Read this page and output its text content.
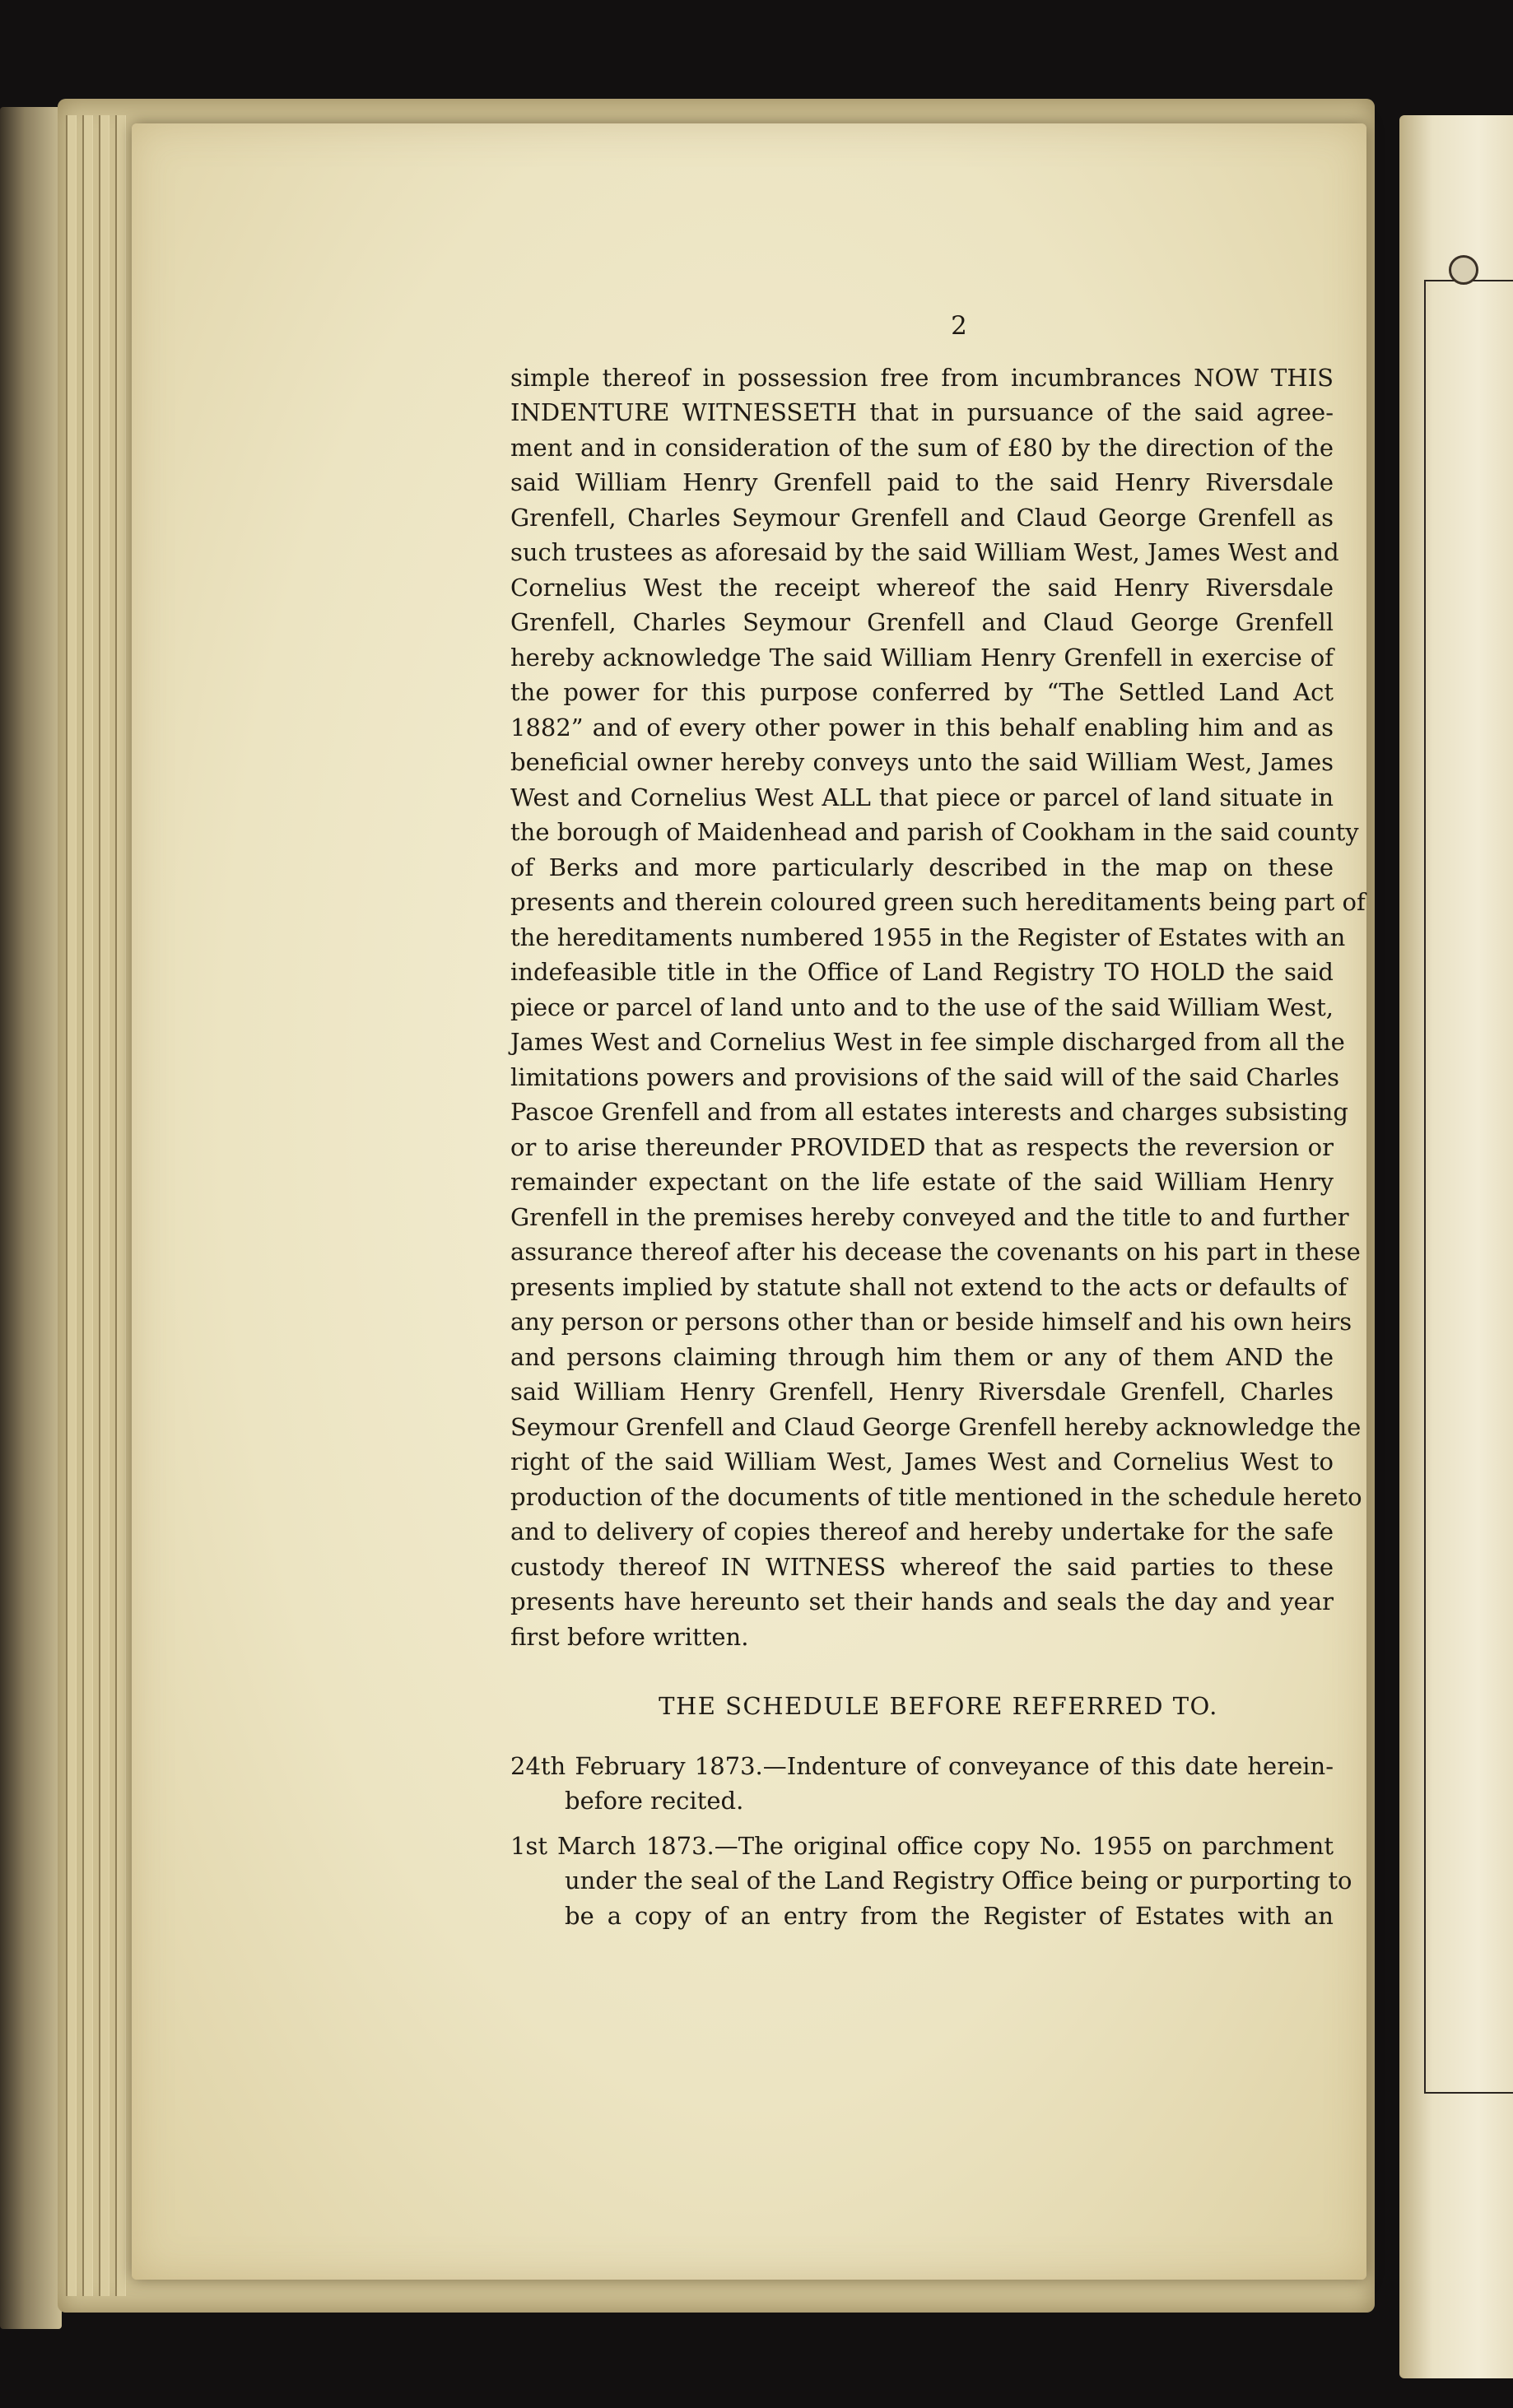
2
simple thereof in possession free from incumbrances NOW THIS
INDENTURE WITNESSETH that in pursuance of the said agree-
ment and in consideration of the sum of £80 by the direction of the
said William Henry Grenfell paid to the said Henry Riversdale
Grenfell, Charles Seymour Grenfell and Claud George Grenfell as
such trustees as aforesaid by the said William West, James West and
Cornelius West the receipt whereof the said Henry Riversdale
Grenfell, Charles Seymour Grenfell and Claud George Grenfell
hereby acknowledge The said William Henry Grenfell in exercise of
the power for this purpose conferred by “The Settled Land Act
1882” and of every other power in this behalf enabling him and as
beneficial owner hereby conveys unto the said William West, James
West and Cornelius West ALL that piece or parcel of land situate in
the borough of Maidenhead and parish of Cookham in the said county
of Berks and more particularly described in the map on these
presents and therein coloured green such hereditaments being part of
the hereditaments numbered 1955 in the Register of Estates with an
indefeasible title in the Office of Land Registry TO HOLD the said
piece or parcel of land unto and to the use of the said William West,
James West and Cornelius West in fee simple discharged from all the
limitations powers and provisions of the said will of the said Charles
Pascoe Grenfell and from all estates interests and charges subsisting
or to arise thereunder PROVIDED that as respects the reversion or
remainder expectant on the life estate of the said William Henry
Grenfell in the premises hereby conveyed and the title to and further
assurance thereof after his decease the covenants on his part in these
presents implied by statute shall not extend to the acts or defaults of
any person or persons other than or beside himself and his own heirs
and persons claiming through him them or any of them AND the
said William Henry Grenfell, Henry Riversdale Grenfell, Charles
Seymour Grenfell and Claud George Grenfell hereby acknowledge the
right of the said William West, James West and Cornelius West to
production of the documents of title mentioned in the schedule hereto
and to delivery of copies thereof and hereby undertake for the safe
custody thereof IN WITNESS whereof the said parties to these
presents have hereunto set their hands and seals the day and year
first before written.
THE SCHEDULE BEFORE REFERRED TO.
24th February 1873.—Indenture of conveyance of this date herein-
before recited.
1st March 1873.—The original office copy No. 1955 on parchment
under the seal of the Land Registry Office being or purporting to
be a copy of an entry from the Register of Estates with an
